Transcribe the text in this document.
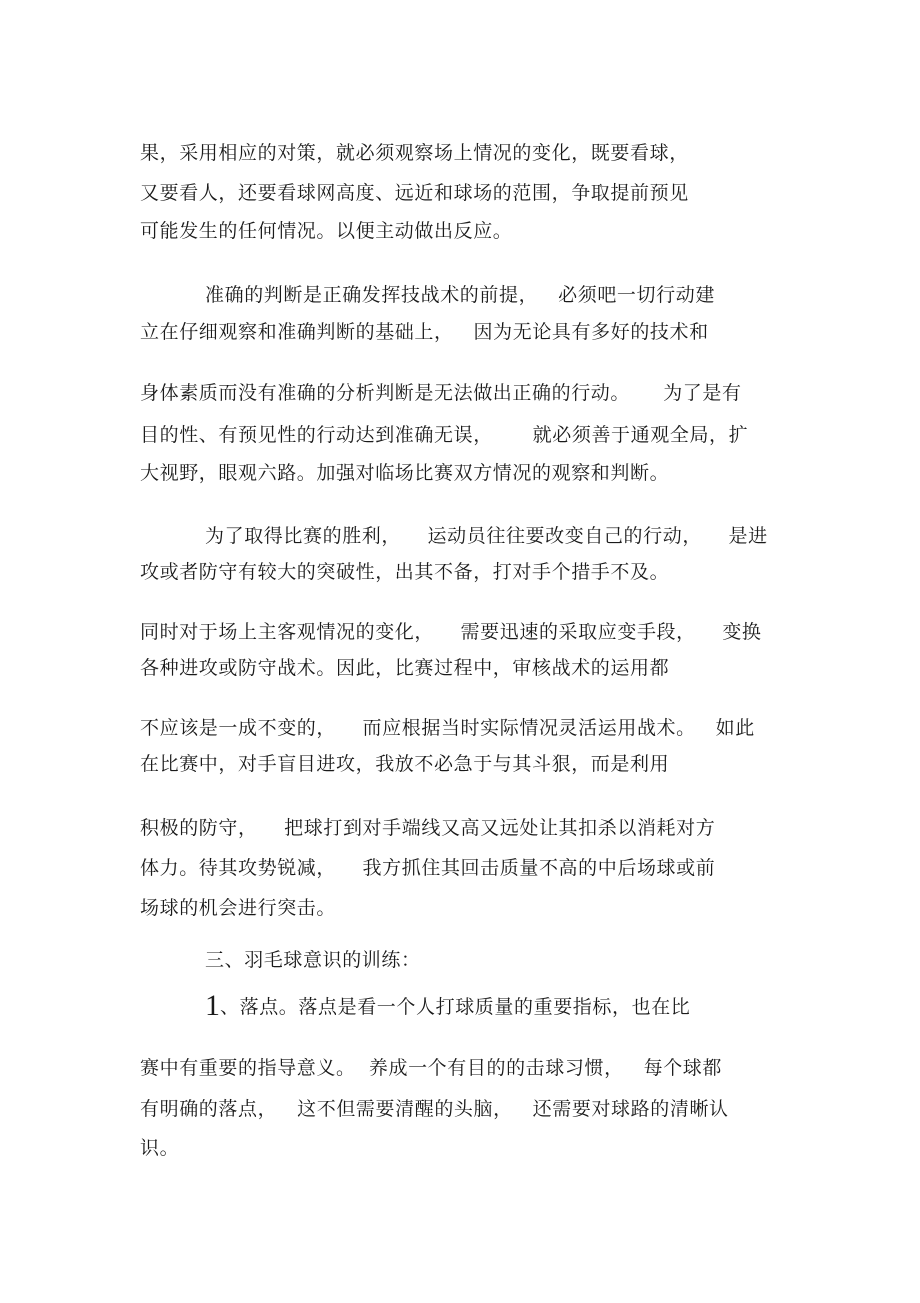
果，采用相应的对策，就必须观察场上情况的变化，既要看球，
又要看人，还要看球网高度、远近和球场的范围，争取提前预见
可能发生的任何情况。以便主动做出反应。
准确的判断是正确发挥技战术的前提，   必须吧一切行动建
立在仔细观察和准确判断的基础上，   因为无论具有多好的技术和
身体素质而没有准确的分析判断是无法做出正确的行动。     为了是有
目的性、有预见性的行动达到准确无误，      就必须善于通观全局，扩
大视野，眼观六路。加强对临场比赛双方情况的观察和判断。
为了取得比赛的胜利，    运动员往往要改变自己的行动，    是进
攻或者防守有较大的突破性，出其不备，打对手个措手不及。
同时对于场上主客观情况的变化，    需要迅速的采取应变手段，    变换
各种进攻或防守战术。因此，比赛过程中，审核战术的运用都
不应该是一成不变的，    而应根据当时实际情况灵活运用战术。   如此
在比赛中，对手盲目进攻，我放不必急于与其斗狠，而是利用
积极的防守，    把球打到对手端线又高又远处让其扣杀以消耗对方
体力。待其攻势锐减，    我方抓住其回击质量不高的中后场球或前
场球的机会进行突击。
三、羽毛球意识的训练：
1、落点。落点是看一个人打球质量的重要指标，也在比
赛中有重要的指导意义。  养成一个有目的的击球习惯，   每个球都
有明确的落点，   这不但需要清醒的头脑，   还需要对球路的清晰认
识。
